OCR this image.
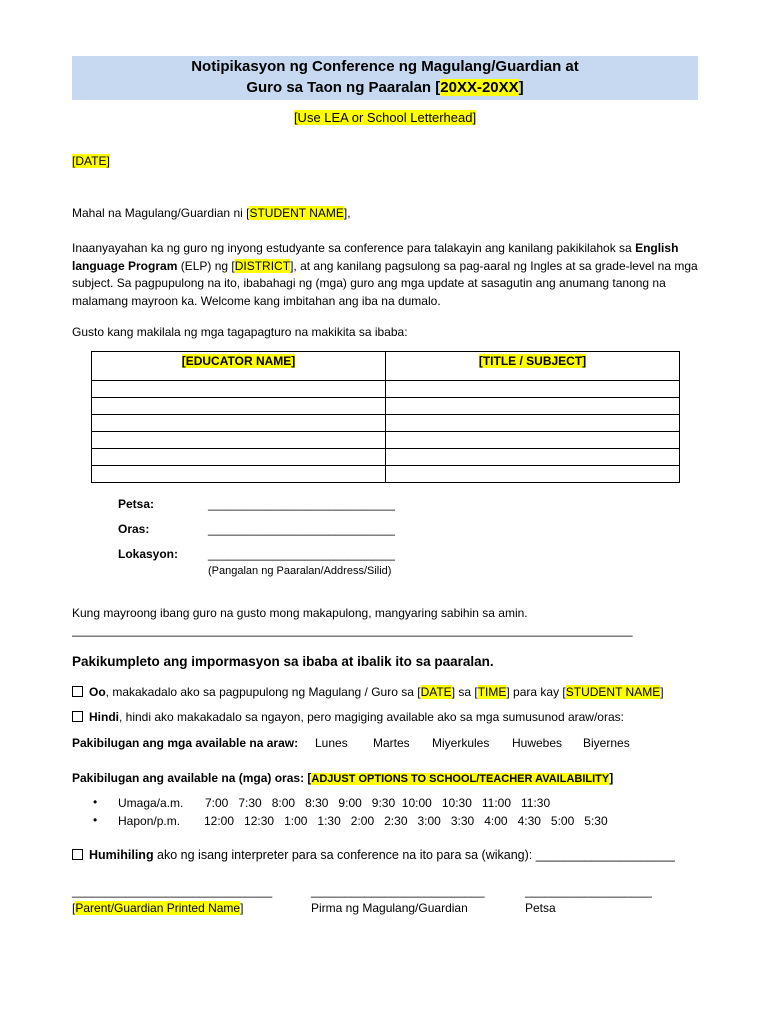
Notipikasyon ng Conference ng Magulang/Guardian at
Guro sa Taon ng Paaralan [20XX-20XX]
[Use LEA or School Letterhead]
[DATE]
Mahal na Magulang/Guardian ni [STUDENT NAME],
Inaanyayahan ka ng guro ng inyong estudyante sa conference para talakayin ang kanilang pakikilahok sa English language Program (ELP) ng [DISTRICT], at ang kanilang pagsulong sa pag-aaral ng Ingles at sa grade-level na mga subject. Sa pagpupulong na ito, ibabahagi ng (mga) guro ang mga update at sasagutin ang anumang tanong na malamang mayroon ka. Welcome kang imbitahan ang iba na dumalo.
Gusto kang makilala ng mga tagapagturo na makikita sa ibaba:
[EDUCATOR NAME]	[TITLE / SUBJECT]

Petsa:	____________________________
Oras:	____________________________
Lokasyon: ____________________________
(Pangalan ng Paaralan/Address/Silid)
Kung mayroong ibang guro na gusto mong makapulong, mangyaring sabihin sa amin.
____________________________________________________________________________________
Pakikumpleto ang impormasyon sa ibaba at ibalik ito sa paaralan.
Oo, makakadalo ako sa pagpupulong ng Magulang / Guro sa [DATE] sa [TIME] para kay [STUDENT NAME]
Hindi, hindi ako makakadalo sa ngayon, pero magiging available ako sa mga sumusunod araw/oras:
Pakibilugan ang mga available na araw: Lunes Martes Miyerkules Huwebes Biyernes
Pakibilugan ang available na (mga) oras: [ADJUST OPTIONS TO SCHOOL/TEACHER AVAILABILITY]
• Umaga/a.m. 7:00   7:30   8:00   8:30   9:00   9:30  10:00   10:30   11:00   11:30
• Hapon/p.m. 12:00   12:30   1:00   1:30   2:00   2:30   3:00   3:30   4:00   4:30   5:00   5:30
Humihiling ako ng isang interpreter para sa conference na ito para sa (wikang): ____________________
______________________________	__________________________	___________________
[Parent/Guardian Printed Name]	Pirma ng Magulang/Guardian	Petsa
